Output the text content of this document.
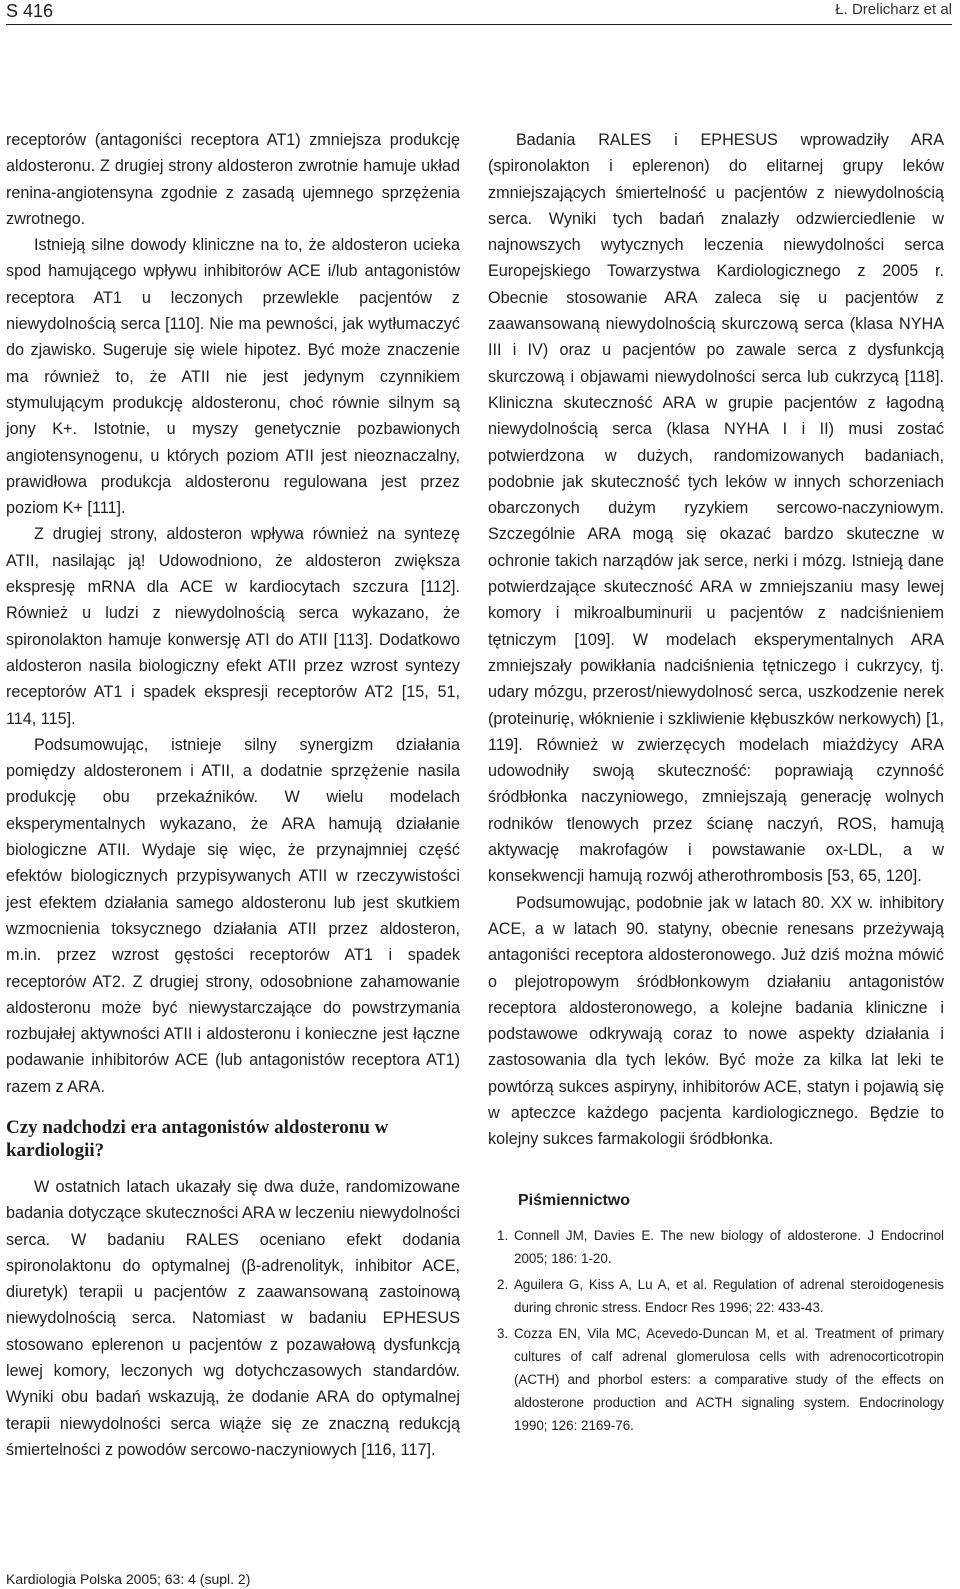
S 416	Ł. Drelicharz et al

receptorów (antagoniści receptora AT1) zmniejsza produkcję aldosteronu. Z drugiej strony aldosteron zwrotnie hamuje układ renina-angiotensyna zgodnie z zasadą ujemnego sprzężenia zwrotnego.

Istnieją silne dowody kliniczne na to, że aldosteron ucieka spod hamującego wpływu inhibitorów ACE i/lub antagonistów receptora AT1 u leczonych przewlekle pacjentów z niewydolnością serca [110]. Nie ma pewności, jak wytłumaczyć do zjawisko. Sugeruje się wiele hipotez. Być może znaczenie ma również to, że ATII nie jest jedynym czynnikiem stymulującym produkcję aldosteronu, choć równie silnym są jony K+. Istotnie, u myszy genetycznie pozbawionych angiotensynogenu, u których poziom ATII jest nieoznaczalny, prawidłowa produkcja aldosteronu regulowana jest przez poziom K+ [111].

Z drugiej strony, aldosteron wpływa również na syntezę ATII, nasilając ją! Udowodniono, że aldosteron zwiększa ekspresję mRNA dla ACE w kardiocytach szczura [112]. Również u ludzi z niewydolnością serca wykazano, że spironolakton hamuje konwersję ATI do ATII [113]. Dodatkowo aldosteron nasila biologiczny efekt ATII przez wzrost syntezy receptorów AT1 i spadek ekspresji receptorów AT2 [15, 51, 114, 115].

Podsumowując, istnieje silny synergizm działania pomiędzy aldosteronem i ATII, a dodatnie sprzężenie nasila produkcję obu przekaźników. W wielu modelach eksperymentalnych wykazano, że ARA hamują działanie biologiczne ATII. Wydaje się więc, że przynajmniej część efektów biologicznych przypisywanych ATII w rzeczywistości jest efektem działania samego aldosteronu lub jest skutkiem wzmocnienia toksycznego działania ATII przez aldosteron, m.in. przez wzrost gęstości receptorów AT1 i spadek receptorów AT2. Z drugiej strony, odosobnione zahamowanie aldosteronu może być niewystarczające do powstrzymania rozbujałej aktywności ATII i aldosteronu i konieczne jest łączne podawanie inhibitorów ACE (lub antagonistów receptora AT1) razem z ARA.

Czy nadchodzi era antagonistów aldosteronu w kardiologii?

W ostatnich latach ukazały się dwa duże, randomizowane badania dotyczące skuteczności ARA w leczeniu niewydolności serca. W badaniu RALES oceniano efekt dodania spironolaktonu do optymalnej (β-adrenolityk, inhibitor ACE, diuretyk) terapii u pacjentów z zaawansowaną zastoinową niewydolnością serca. Natomiast w badaniu EPHESUS stosowano eplerenon u pacjentów z pozawałową dysfunkcją lewej komory, leczonych wg dotychczasowych standardów. Wyniki obu badań wskazują, że dodanie ARA do optymalnej terapii niewydolności serca wiąże się ze znaczną redukcją śmiertelności z powodów sercowo-naczyniowych [116, 117].

Badania RALES i EPHESUS wprowadziły ARA (spironolakton i eplerenon) do elitarnej grupy leków zmniejszających śmiertelność u pacjentów z niewydolnością serca. Wyniki tych badań znalazły odzwierciedlenie w najnowszych wytycznych leczenia niewydolności serca Europejskiego Towarzystwa Kardiologicznego z 2005 r. Obecnie stosowanie ARA zaleca się u pacjentów z zaawansowaną niewydolnością skurczową serca (klasa NYHA III i IV) oraz u pacjentów po zawale serca z dysfunkcją skurczową i objawami niewydolności serca lub cukrzycą [118]. Kliniczna skuteczność ARA w grupie pacjentów z łagodną niewydolnością serca (klasa NYHA I i II) musi zostać potwierdzona w dużych, randomizowanych badaniach, podobnie jak skuteczność tych leków w innych schorzeniach obarczonych dużym ryzykiem sercowo-naczyniowym. Szczególnie ARA mogą się okazać bardzo skuteczne w ochronie takich narządów jak serce, nerki i mózg. Istnieją dane potwierdzające skuteczność ARA w zmniejszaniu masy lewej komory i mikroalbuminurii u pacjentów z nadciśnieniem tętniczym [109]. W modelach eksperymentalnych ARA zmniejszały powikłania nadciśnienia tętniczego i cukrzycy, tj. udary mózgu, przerost/niewydolnosć serca, uszkodzenie nerek (proteinurię, włóknienie i szkliwienie kłębuszków nerkowych) [1, 119]. Również w zwierzęcych modelach miażdżycy ARA udowodniły swoją skuteczność: poprawiają czynność śródbłonka naczyniowego, zmniejszają generację wolnych rodników tlenowych przez ścianę naczyń, ROS, hamują aktywację makrofagów i powstawanie ox-LDL, a w konsekwencji hamują rozwój atherothrombosis [53, 65, 120].

Podsumowując, podobnie jak w latach 80. XX w. inhibitory ACE, a w latach 90. statyny, obecnie renesans przeżywają antagoniści receptora aldosteronowego. Już dziś można mówić o plejotropowym śródbłonkowym działaniu antagonistów receptora aldosteronowego, a kolejne badania kliniczne i podstawowe odkrywają coraz to nowe aspekty działania i zastosowania dla tych leków. Być może za kilka lat leki te powtórzą sukces aspiryny, inhibitorów ACE, statyn i pojawią się w apteczce każdego pacjenta kardiologicznego. Będzie to kolejny sukces farmakologii śródbłonka.

Piśmiennictwo
1. Connell JM, Davies E. The new biology of aldosterone. J Endocrinol 2005; 186: 1-20.
2. Aguilera G, Kiss A, Lu A, et al. Regulation of adrenal steroidogenesis during chronic stress. Endocr Res 1996; 22: 433-43.
3. Cozza EN, Vila MC, Acevedo-Duncan M, et al. Treatment of primary cultures of calf adrenal glomerulosa cells with adrenocorticotropin (ACTH) and phorbol esters: a comparative study of the effects on aldosterone production and ACTH signaling system. Endocrinology 1990; 126: 2169-76.
Kardiologia Polska 2005; 63: 4 (supl. 2)
